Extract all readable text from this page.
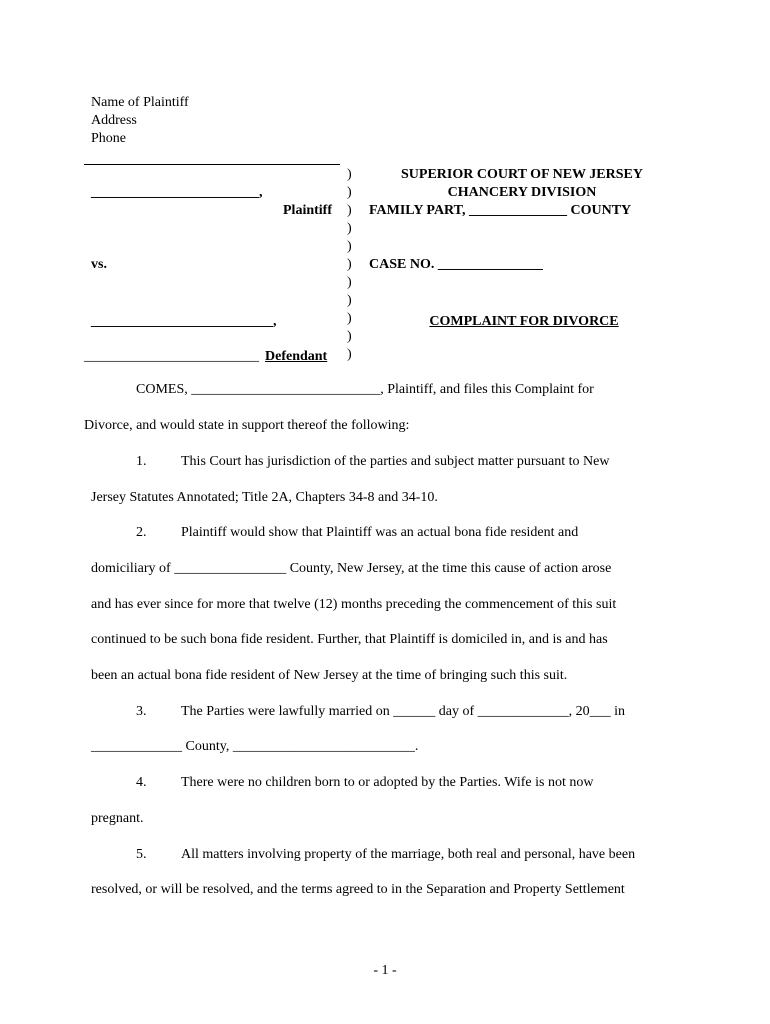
Name of Plaintiff
Address
Phone
________________________,
Plaintiff
vs.
__________________________,
_________________________ Defendant
)
)
)
)
)
)
)
)
)
)
)
SUPERIOR COURT OF NEW JERSEY
CHANCERY DIVISION
FAMILY PART, ______________ COUNTY
CASE NO. _______________
COMPLAINT FOR DIVORCE
COMES, ___________________________, Plaintiff, and files this Complaint for
Divorce, and would state in support thereof the following:
1. This Court has jurisdiction of the parties and subject matter pursuant to New
Jersey Statutes Annotated; Title 2A, Chapters 34-8 and 34-10.
2. Plaintiff would show that Plaintiff was an actual bona fide resident and
domiciliary of ________________ County, New Jersey, at the time this cause of action arose
and has ever since for more that twelve (12) months preceding the commencement of this suit
continued to be such bona fide resident. Further, that Plaintiff is domiciled in, and is and has
been an actual bona fide resident of New Jersey at the time of bringing such this suit.
3. The Parties were lawfully married on ______ day of _____________, 20___ in
_____________ County, __________________________.
4. There were no children born to or adopted by the Parties. Wife is not now
pregnant.
5. All matters involving property of the marriage, both real and personal, have been
resolved, or will be resolved, and the terms agreed to in the Separation and Property Settlement
- 1 -
